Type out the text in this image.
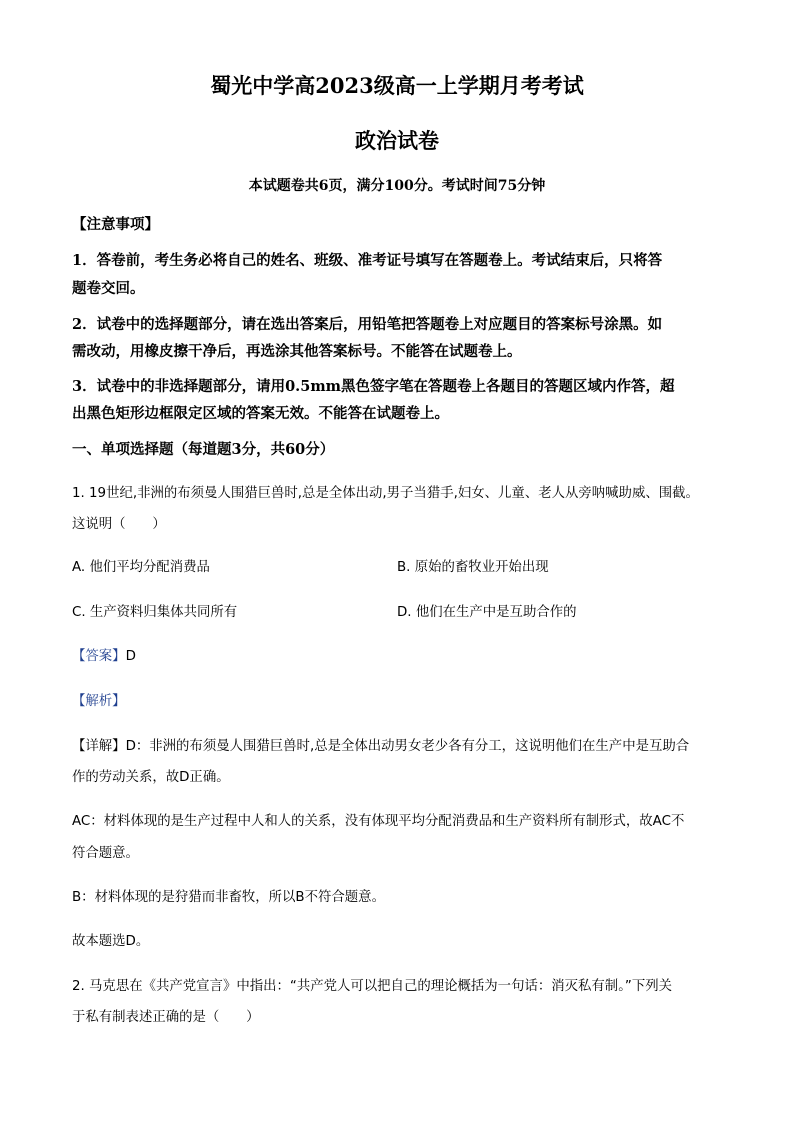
蜀光中学高2023级高一上学期月考考试
政治试卷
本试题卷共6页，满分100分。考试时间75分钟
【注意事项】
1．答卷前，考生务必将自己的姓名、班级、准考证号填写在答题卷上。考试结束后，只将答
题卷交回。
2．试卷中的选择题部分，请在选出答案后，用铅笔把答题卷上对应题目的答案标号涂黑。如
需改动，用橡皮擦干净后，再选涂其他答案标号。不能答在试题卷上。
3．试卷中的非选择题部分，请用0.5mm黑色签字笔在答题卷上各题目的答题区域内作答，超
出黑色矩形边框限定区域的答案无效。不能答在试题卷上。
一、单项选择题（每道题3分，共60分）
1. 19世纪,非洲的布须曼人围猎巨兽时,总是全体出动,男子当猎手,妇女、儿童、老人从旁呐喊助威、围截。
这说明（　　）
A. 他们平均分配消费品	B. 原始的畜牧业开始出现
C. 生产资料归集体共同所有	D. 他们在生产中是互助合作的
【答案】D
【解析】
【详解】D：非洲的布须曼人围猎巨兽时,总是全体出动男女老少各有分工，这说明他们在生产中是互助合
作的劳动关系，故D正确。
AC：材料体现的是生产过程中人和人的关系，没有体现平均分配消费品和生产资料所有制形式，故AC不
符合题意。
B：材料体现的是狩猎而非畜牧，所以B不符合题意。
故本题选D。
2. 马克思在《共产党宣言》中指出：“共产党人可以把自己的理论概括为一句话：消灭私有制。”下列关
于私有制表述正确的是（　　）
